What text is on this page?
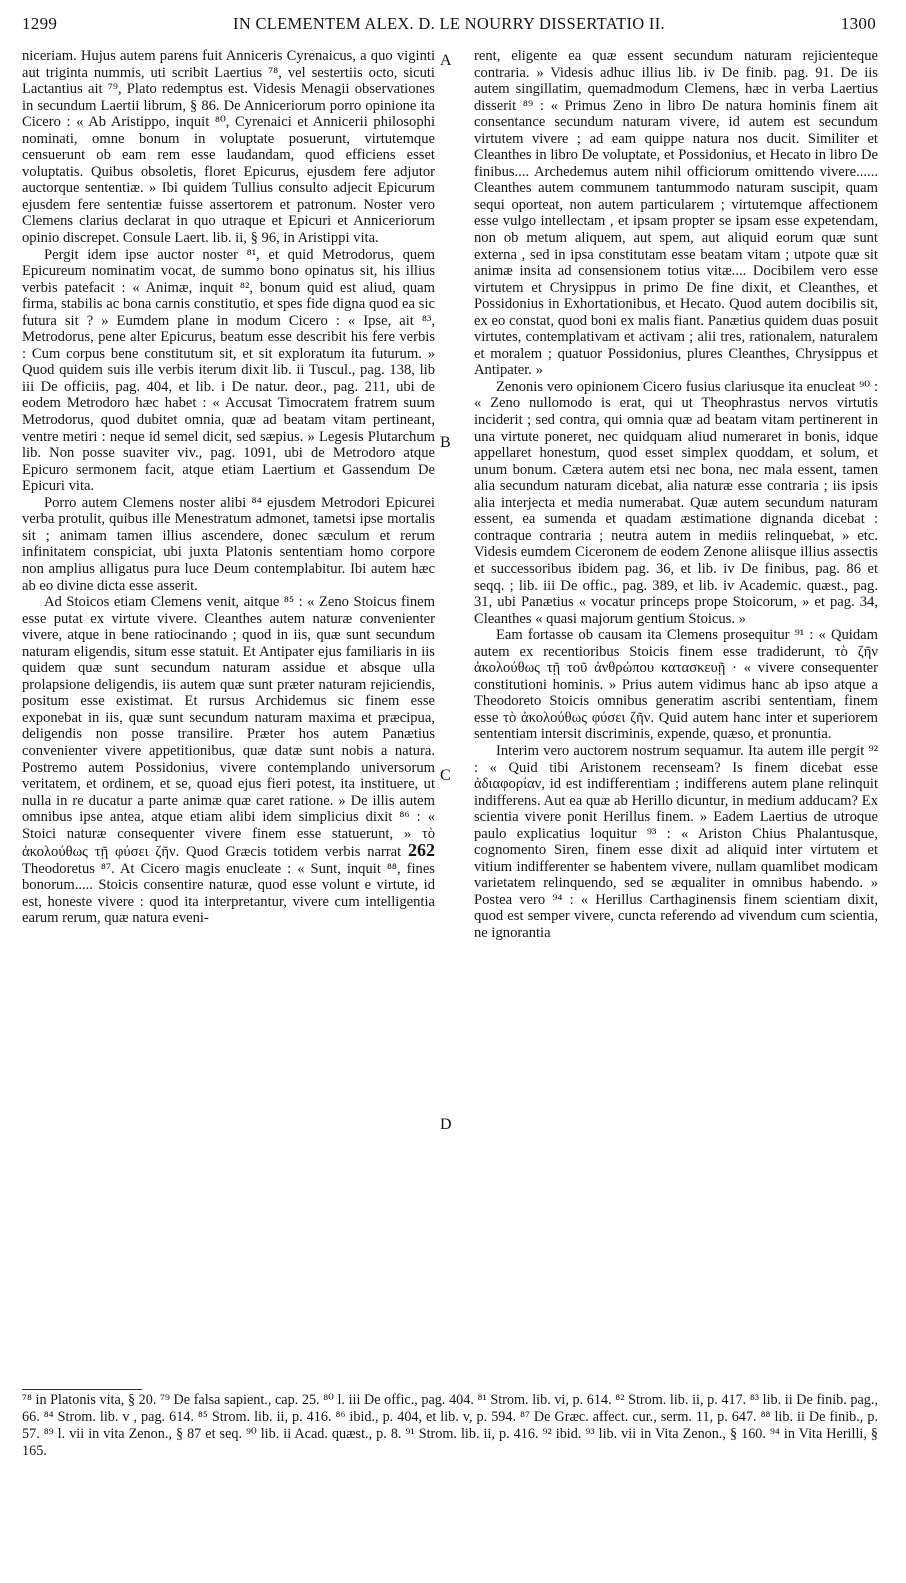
1299	IN CLEMENTEM ALEX. D. LE NOURRY DISSERTATIO II.	1300

niceriam. Hujus autem parens fuit Anniceris Cyrenaicus, a quo viginti aut triginta nummis, uti scribit Laertius ⁷⁸, vel sestertiis octo, sicuti Lactantius ait ⁷⁹, Plato redemptus est. Videsis Menagii observationes in secundum Laertii librum, § 86. De Anniceriorum porro opinione ita Cicero : « Ab Aristippo, inquit ⁸⁰, Cyrenaici et Annicerii philosophi nominati, omne bonum in voluptate posuerunt, virtutemque censuerunt ob eam rem esse laudandam, quod efficiens esset voluptatis. Quibus obsoletis, floret Epicurus, ejusdem fere adjutor auctorque sententiæ. » Ibi quidem Tullius consulto adjecit Epicurum ejusdem fere sententiæ fuisse assertorem et patronum. Noster vero Clemens clarius declarat in quo utraque et Epicuri et Anniceriorum opinio discrepet. Consule Laert. lib. ii, § 96, in Aristippi vita.

Pergit idem ipse auctor noster ⁸¹, et quid Metrodorus, quem Epicureum nominatim vocat, de summo bono opinatus sit, his illius verbis patefacit : « Animæ, inquit ⁸², bonum quid est aliud, quam firma, stabilis ac bona carnis constitutio, et spes fide digna quod ea sic futura sit ? » Eumdem plane in modum Cicero : « Ipse, ait ⁸³, Metrodorus, pene alter Epicurus, beatum esse describit his fere verbis : Cum corpus bene constitutum sit, et sit exploratum ita futurum. » Quod quidem suis ille verbis iterum dixit lib. ii Tuscul., pag. 138, lib iii De officiis, pag. 404, et lib. i De natur. deor., pag. 211, ubi de eodem Metrodoro hæc habet : « Accusat Timocratem fratrem suum Metrodorus, quod dubitet omnia, quæ ad beatam vitam pertineant, ventre metiri : neque id semel dicit, sed sæpius. » Legesis Plutarchum lib. Non posse suaviter viv., pag. 1091, ubi de Metrodoro atque Epicuro sermonem facit, atque etiam Laertium et Gassendum De Epicuri vita.

Porro autem Clemens noster alibi ⁸⁴ ejusdem Metrodori Epicurei verba protulit, quibus ille Menestratum admonet, tametsi ipse mortalis sit ; animam tamen illius ascendere, donec sæculum et rerum infinitatem conspiciat, ubi juxta Platonis sententiam homo corpore non amplius alligatus pura luce Deum contemplabitur. Ibi autem hæc ab eo divine dicta esse asserit.

Ad Stoicos etiam Clemens venit, aitque ⁸⁵ : « Zeno Stoicus finem esse putat ex virtute vivere. Cleanthes autem naturæ convenienter vivere, atque in bene ratiocinando ; quod in iis, quæ sunt secundum naturam eligendis, situm esse statuit. Et Antipater ejus familiaris in iis quidem quæ sunt secundum naturam assidue et absque ulla prolapsione deligendis, iis autem quæ sunt præter naturam rejiciendis, positum esse existimat. Et rursus Archidemus sic finem esse exponebat in iis, quæ sunt secundum naturam maxima et præcipua, deligendis non posse transilire. Præter hos autem Panætius convenienter vivere appetitionibus, quæ datæ sunt nobis a natura. Postremo autem Possidonius, vivere contemplando universorum veritatem, et ordinem, et se, quoad ejus fieri potest, ita instituere, ut nulla in re ducatur a parte animæ quæ caret ratione. » De illis autem omnibus ipse antea, atque etiam alibi idem simplicius dixit ⁸⁶ : « Stoici naturæ consequenter vivere finem esse statuerunt, » τὸ ἀκολούθως τῇ φύσει ζῆν. Quod Græcis totidem verbis narrat 262 Theodoretus ⁸⁷. At Cicero magis enucleate : « Sunt, inquit ⁸⁸, fines bonorum..... Stoicis consentire naturæ, quod esse volunt e virtute, id est, honeste vivere : quod ita interpretantur, vivere cum intelligentia earum rerum, quæ natura eveni-

A
B
C
D

rent, eligente ea quæ essent secundum naturam rejicienteque contraria. » Videsis adhuc illius lib. iv De finib. pag. 91. De iis autem singillatim, quemadmodum Clemens, hæc in verba Laertius disserit ⁸⁹ : « Primus Zeno in libro De natura hominis finem ait consentance secundum naturam vivere, id autem est secundum virtutem vivere ; ad eam quippe natura nos ducit. Similiter et Cleanthes in libro De voluptate, et Possidonius, et Hecato in libro De finibus.... Archedemus autem nihil officiorum omittendo vivere...... Cleanthes autem communem tantummodo naturam suscipit, quam sequi oporteat, non autem particularem ; virtutemque affectionem esse vulgo intellectam , et ipsam propter se ipsam esse expetendam, non ob metum aliquem, aut spem, aut aliquid eorum quæ sunt externa , sed in ipsa constitutam esse beatam vitam ; utpote quæ sit animæ insita ad consensionem totius vitæ.... Docibilem vero esse virtutem et Chrysippus in primo De fine dixit, et Cleanthes, et Possidonius in Exhortationibus, et Hecato. Quod autem docibilis sit, ex eo constat, quod boni ex malis fiant. Panætius quidem duas posuit virtutes, contemplativam et activam ; alii tres, rationalem, naturalem et moralem ; quatuor Possidonius, plures Cleanthes, Chrysippus et Antipater. »

Zenonis vero opinionem Cicero fusius clariusque ita enucleat ⁹⁰ : « Zeno nullomodo is erat, qui ut Theophrastus nervos virtutis inciderit ; sed contra, qui omnia quæ ad beatam vitam pertinerent in una virtute poneret, nec quidquam aliud numeraret in bonis, idque appellaret honestum, quod esset simplex quoddam, et solum, et unum bonum. Cætera autem etsi nec bona, nec mala essent, tamen alia secundum naturam dicebat, alia naturæ esse contraria ; iis ipsis alia interjecta et media numerabat. Quæ autem secundum naturam essent, ea sumenda et quadam æstimatione dignanda dicebat : contraque contraria ; neutra autem in mediis relinquebat, » etc. Videsis eumdem Ciceronem de eodem Zenone aliisque illius assectis et successoribus ibidem pag. 36, et lib. iv De finibus, pag. 86 et seqq. ; lib. iii De offic., pag. 389, et lib. iv Academic. quæst., pag. 31, ubi Panætius « vocatur princeps prope Stoicorum, » et pag. 34, Cleanthes « quasi majorum gentium Stoicus. »

Eam fortasse ob causam ita Clemens prosequitur ⁹¹ : « Quidam autem ex recentioribus Stoicis finem esse tradiderunt, τὸ ζῆν ἀκολούθως τῇ τοῦ ἀνθρώπου κατασκευῇ · « vivere consequenter constitutioni hominis. » Prius autem vidimus hanc ab ipso atque a Theodoreto Stoicis omnibus generatim ascribi sententiam, finem esse τὸ ἀκολούθως φύσει ζῆν. Quid autem hanc inter et superiorem sententiam intersit discriminis, expende, quæso, et pronuntia.

Interim vero auctorem nostrum sequamur. Ita autem ille pergit ⁹² : « Quid tibi Aristonem recenseam? Is finem dicebat esse ἀδιαφορίαν, id est indifferentiam ; indifferens autem plane relinquit indifferens. Aut ea quæ ab Herillo dicuntur, in medium adducam? Ex scientia vivere ponit Herillus finem. » Eadem Laertius de utroque paulo explicatius loquitur ⁹³ : « Ariston Chius Phalantusque, cognomento Siren, finem esse dixit ad aliquid inter virtutem et vitium indifferenter se habentem vivere, nullam quamlibet modicam varietatem relinquendo, sed se æqualiter in omnibus habendo. » Postea vero ⁹⁴ : « Herillus Carthaginensis finem scientiam dixit, quod est semper vivere, cuncta referendo ad vivendum cum scientia, ne ignorantia

⁷⁸ in Platonis vita, § 20. ⁷⁹ De falsa sapient., cap. 25. ⁸⁰ l. iii De offic., pag. 404. ⁸¹ Strom. lib. vi, p. 614. ⁸² Strom. lib. ii, p. 417. ⁸³ lib. ii De finib. pag., 66. ⁸⁴ Strom. lib. v , pag. 614. ⁸⁵ Strom. lib. ii, p. 416. ⁸⁶ ibid., p. 404, et lib. v, p. 594. ⁸⁷ De Græc. affect. cur., serm. 11, p. 647. ⁸⁸ lib. ii De finib., p. 57. ⁸⁹ l. vii in vita Zenon., § 87 et seq. ⁹⁰ lib. ii Acad. quæst., p. 8. ⁹¹ Strom. lib. ii, p. 416. ⁹² ibid. ⁹³ lib. vii in Vita Zenon., § 160. ⁹⁴ in Vita Herilli, § 165.
